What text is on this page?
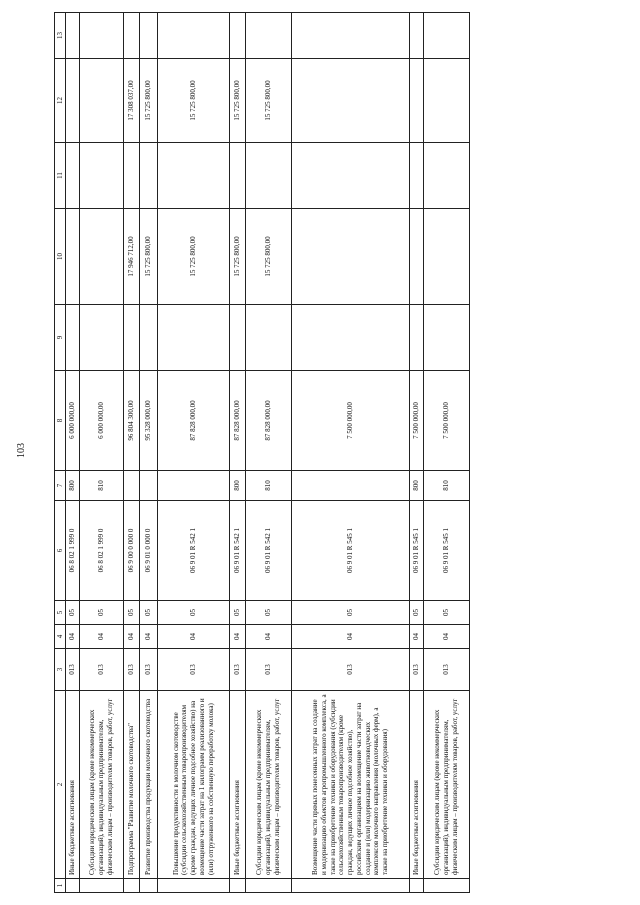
103
1	2	3	4	5	6	7	8	9	10	11	12	13
	Иные бюджетные ассигнования	013	04	05	06 8 02 1 999 0	800	6 000 000,00					
	Субсидии юридическим лицам (кроме некоммерческих организаций), индивидуальным предпринимателям, физическим лицам – производителям товаров, работ, услуг	013	04	05	06 8 02 1 999 0	810	6 000 000,00					
	Подпрограмма "Развитие молочного скотоводства"	013	04	05	06 9 00 0 000 0		96 804 300,00		17 946 712,00		17 308 037,00	
	Развитие производства продукции молочного скотоводства	013	04	05	06 9 01 0 000 0		95 328 000,00		15 725 800,00		15 725 800,00	
	Повышение продуктивности в молочном скотоводстве (субсидии сельскохозяйственным товаропроизводителям (кроме граждан, ведущих личное подсобное хозяйство) на возмещение части затрат на 1 килограмм реализованного и (или) отгруженного на собственную переработку молока)	013	04	05	06 9 01 R 542 1		87 828 000,00		15 725 800,00		15 725 800,00	
	Иные бюджетные ассигнования	013	04	05	06 9 01 R 542 1	800	87 828 000,00		15 725 800,00		15 725 800,00	
	Субсидии юридическим лицам (кроме некоммерческих организаций), индивидуальным предпринимателям, физическим лицам – производителям товаров, работ, услуг	013	04	05	06 9 01 R 542 1	810	87 828 000,00		15 725 800,00		15 725 800,00	
	Возмещение части прямых понесенных затрат на создание и модернизацию объектов агропромышленного комплекса, а также на приобретение техники и оборудования (субсидии сельскохозяйственным товаропроизводителям (кроме граждан, ведущих личное подсобное хозяйство), российским организациям на возмещение части затрат на создание и (или) модернизацию животноводческих комплексов молочного направления (молочных ферм), а также на приобретение техники и оборудования)	013	04	05	06 9 01 R 545 1		7 500 000,00					
	Иные бюджетные ассигнования	013	04	05	06 9 01 R 545 1	800	7 500 000,00					
	Субсидии юридическим лицам (кроме некоммерческих организаций), индивидуальным предпринимателям, физическим лицам – производителям товаров, работ, услуг	013	04	05	06 9 01 R 545 1	810	7 500 000,00					
